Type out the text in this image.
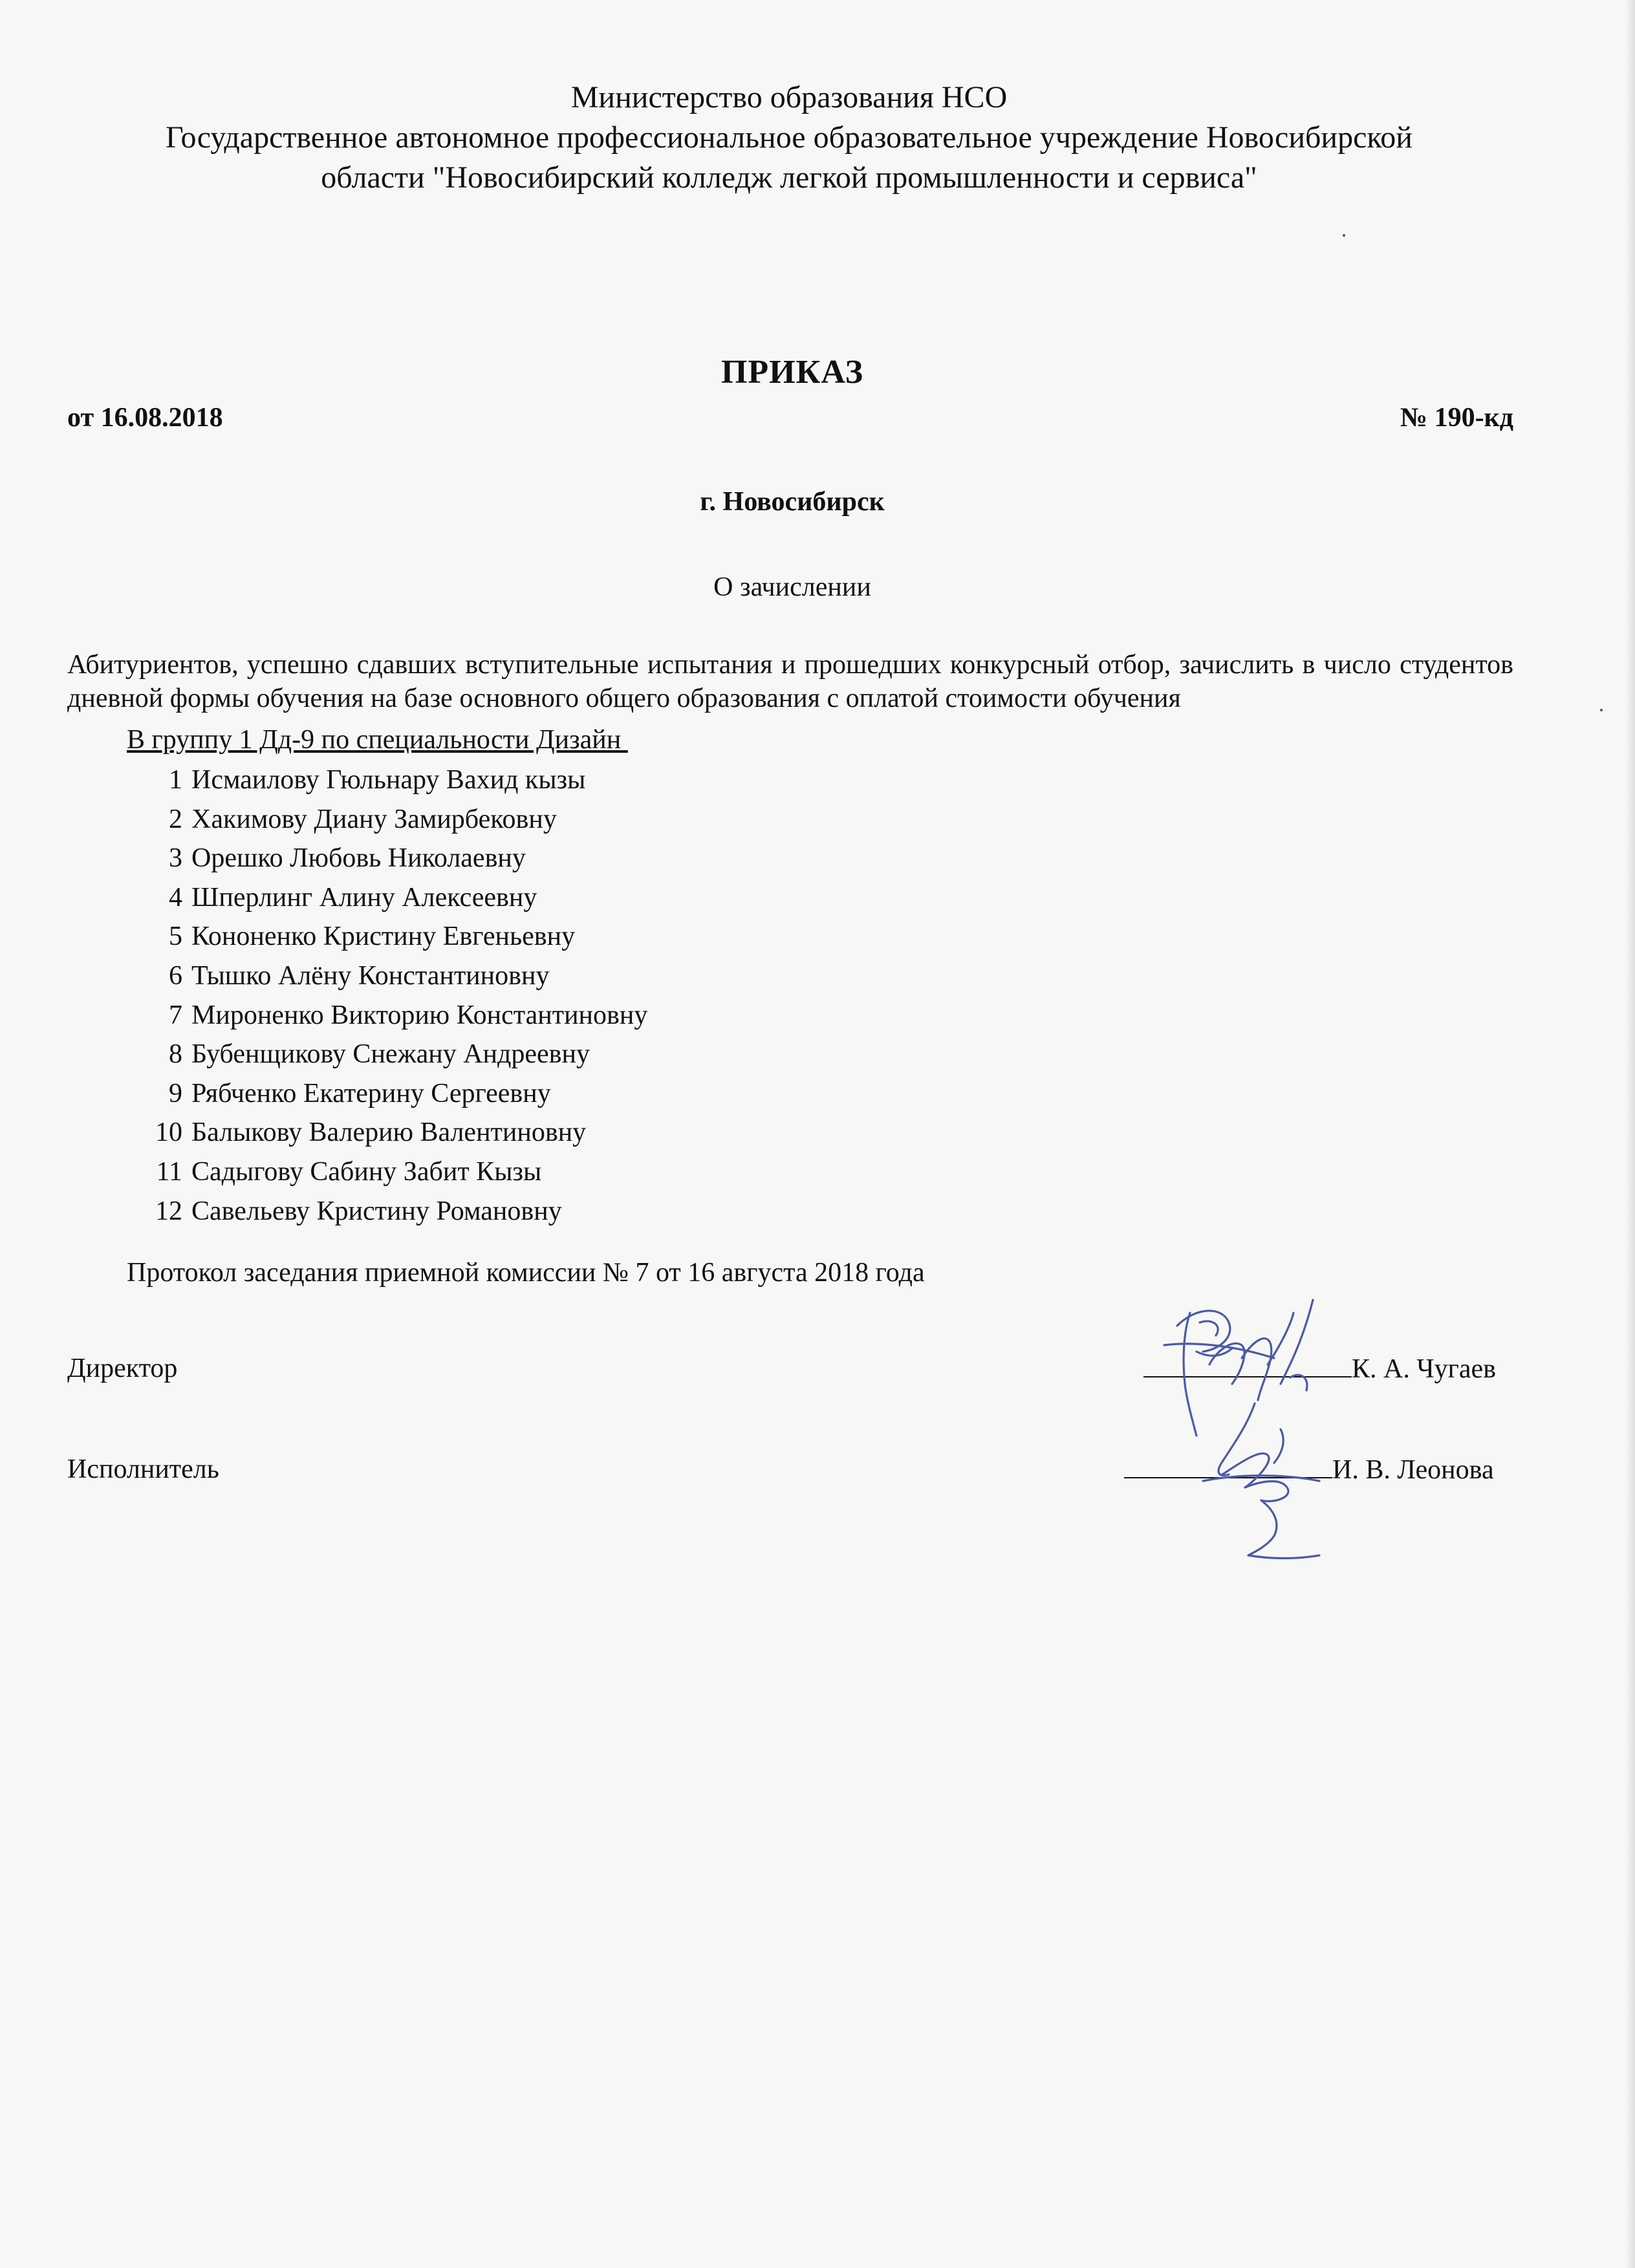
Министерство образования НСО
Государственное автономное профессиональное образовательное учреждение Новосибирской
области "Новосибирский колледж легкой промышленности и сервиса"
ПРИКАЗ
от 16.08.2018	№ 190-кд
г. Новосибирск
О зачислении
Абитуриентов, успешно сдавших вступительные испытания и прошедших конкурсный отбор, зачислить в число студентов дневной формы обучения на базе основного общего образования с оплатой стоимости обучения
В группу 1 Дд-9 по специальности Дизайн
1 Исмаилову Гюльнару Вахид кызы
2 Хакимову Диану Замирбековну
3 Орешко Любовь Николаевну
4 Шперлинг Алину Алексеевну
5 Кононенко Кристину Евгеньевну
6 Тышко Алёну Константиновну
7 Мироненко Викторию Константиновну
8 Бубенщикову Снежану Андреевну
9 Рябченко Екатерину Сергеевну
10 Балыкову Валерию Валентиновну
11 Садыгову Сабину Забит Кызы
12 Савельеву Кристину Романовну
Протокол заседания приемной комиссии № 7 от 16 августа 2018 года
Директор	К. А. Чугаев
Исполнитель	И. В. Леонова
